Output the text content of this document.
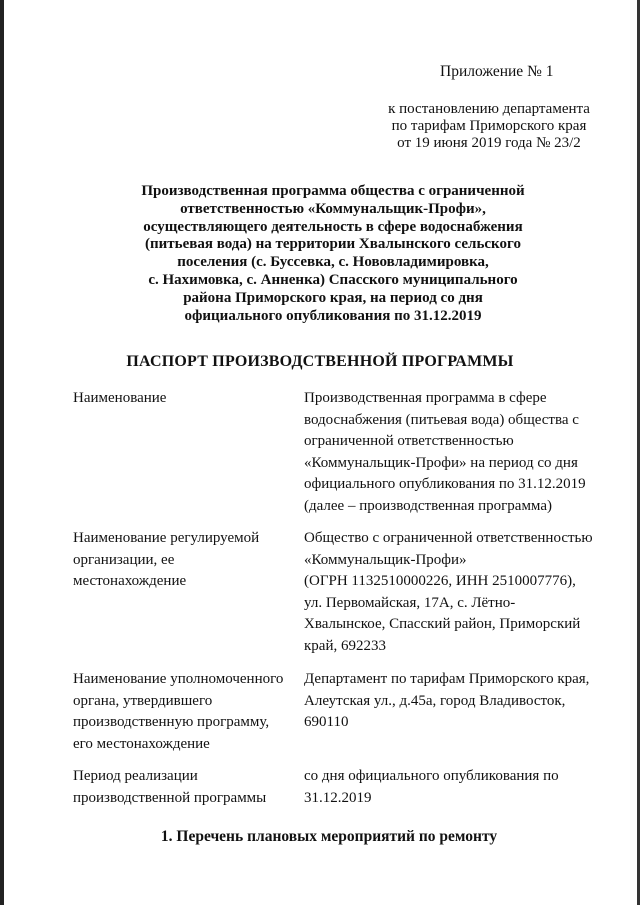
Приложение № 1
к постановлению департамента
по тарифам Приморского края
от 19 июня 2019 года № 23/2
Производственная программа общества с ограниченной
ответственностью «Коммунальщик-Профи»,
осуществляющего деятельность в сфере водоснабжения
(питьевая вода) на территории Хвалынского сельского
поселения (с. Буссевка, с. Нововладимировка,
с. Нахимовка, с. Анненка) Спасского муниципального
района Приморского края, на период со дня
официального опубликования по 31.12.2019
ПАСПОРТ ПРОИЗВОДСТВЕННОЙ ПРОГРАММЫ
Наименование	Производственная программа в сфере
водоснабжения (питьевая вода) общества с
ограниченной ответственностью
«Коммунальщик-Профи» на период со дня
официального опубликования по 31.12.2019
(далее – производственная программа)
Наименование регулируемой
организации, ее
местонахождение
Общество с ограниченной ответственностью
«Коммунальщик-Профи»
(ОГРН 1132510000226, ИНН 2510007776),
ул. Первомайская, 17А, с. Лётно-
Хвалынское, Спасский район, Приморский
край, 692233
Наименование уполномоченного
органа, утвердившего
производственную программу,
его местонахождение
Департамент по тарифам Приморского края,
Алеутская ул., д.45а, город Владивосток,
690110
Период реализации
производственной программы
со дня официального опубликования по
31.12.2019
1. Перечень плановых мероприятий по ремонту
